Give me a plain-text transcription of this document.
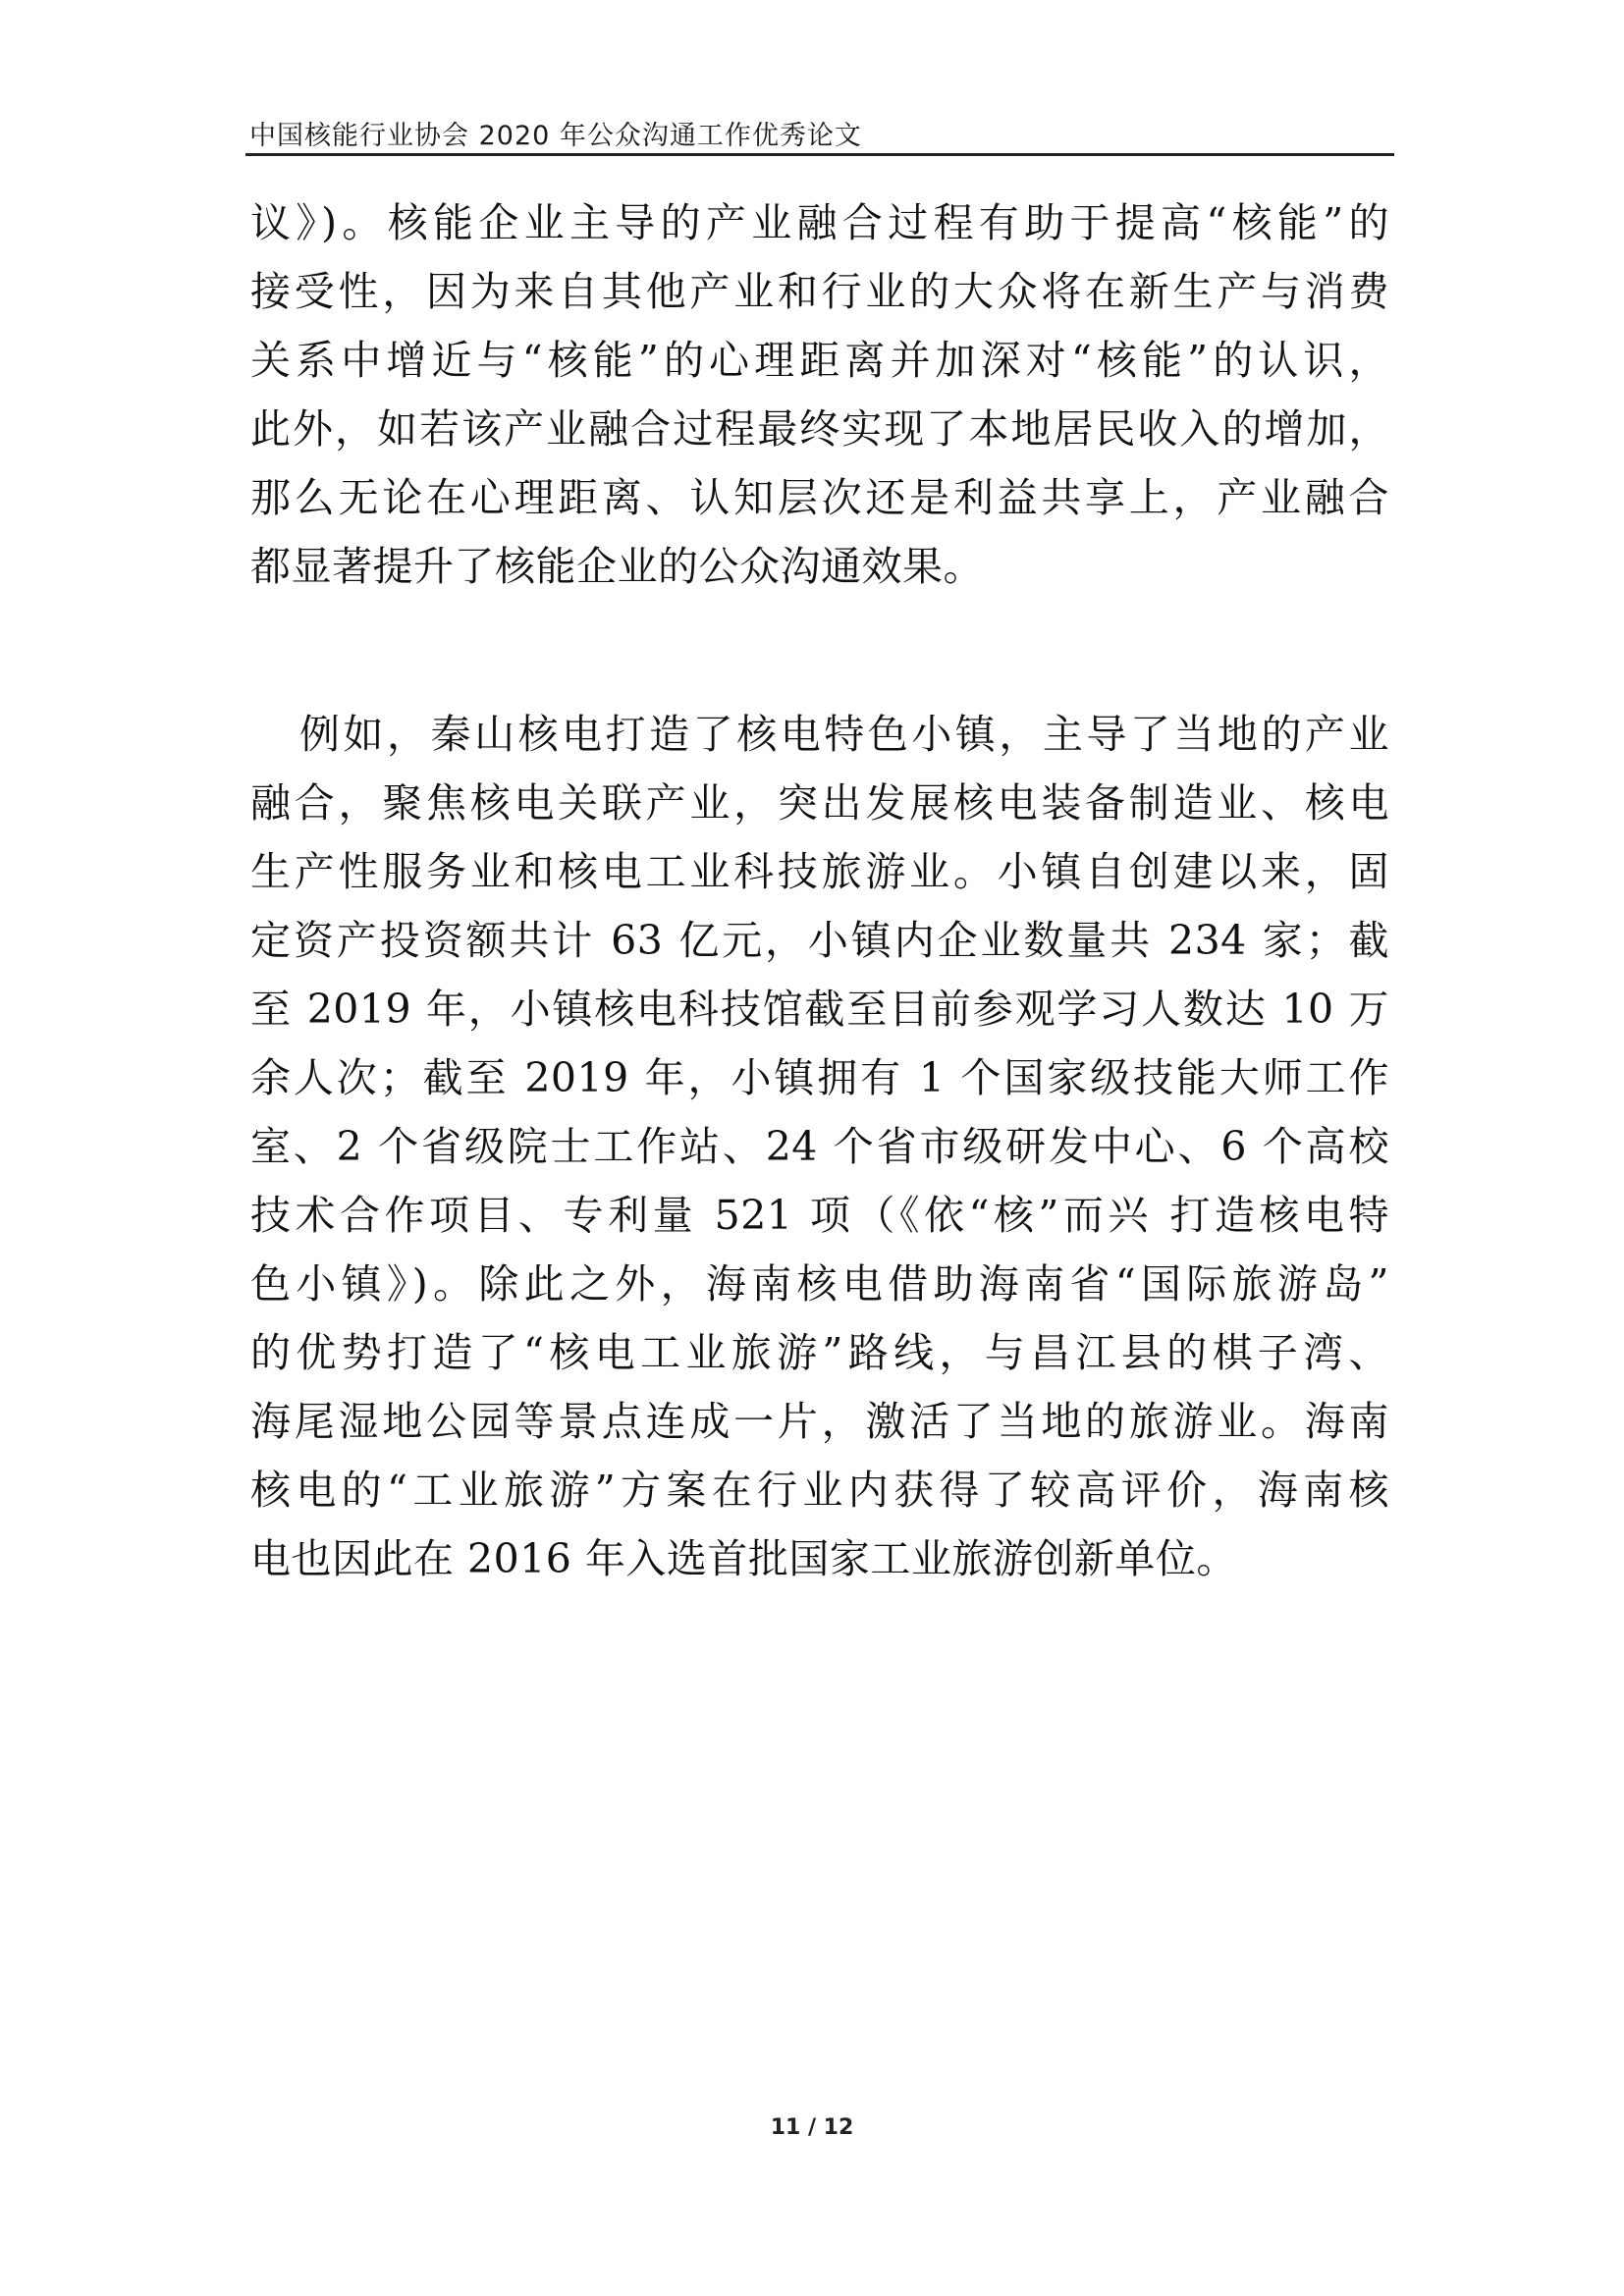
中国核能行业协会 2020 年公众沟通工作优秀论文
议》)。核能企业主导的产业融合过程有助于提高“核能”的
接受性，因为来自其他产业和行业的大众将在新生产与消费
关系中增近与“核能”的心理距离并加深对“核能”的认识，
此外，如若该产业融合过程最终实现了本地居民收入的增加，
那么无论在心理距离、认知层次还是利益共享上，产业融合
都显著提升了核能企业的公众沟通效果。
例如，秦山核电打造了核电特色小镇，主导了当地的产业
融合，聚焦核电关联产业，突出发展核电装备制造业、核电
生产性服务业和核电工业科技旅游业。小镇自创建以来，固
定资产投资额共计 63 亿元，小镇内企业数量共 234 家；截
至 2019 年，小镇核电科技馆截至目前参观学习人数达 10 万
余人次；截至 2019 年，小镇拥有 1 个国家级技能大师工作
室、2 个省级院士工作站、24 个省市级研发中心、6 个高校
技术合作项目、专利量 521 项（《依“核”而兴 打造核电特
色小镇》)。除此之外，海南核电借助海南省“国际旅游岛”
的优势打造了“核电工业旅游”路线，与昌江县的棋子湾、
海尾湿地公园等景点连成一片，激活了当地的旅游业。海南
核电的“工业旅游”方案在行业内获得了较高评价，海南核
电也因此在 2016 年入选首批国家工业旅游创新单位。
11 / 12
